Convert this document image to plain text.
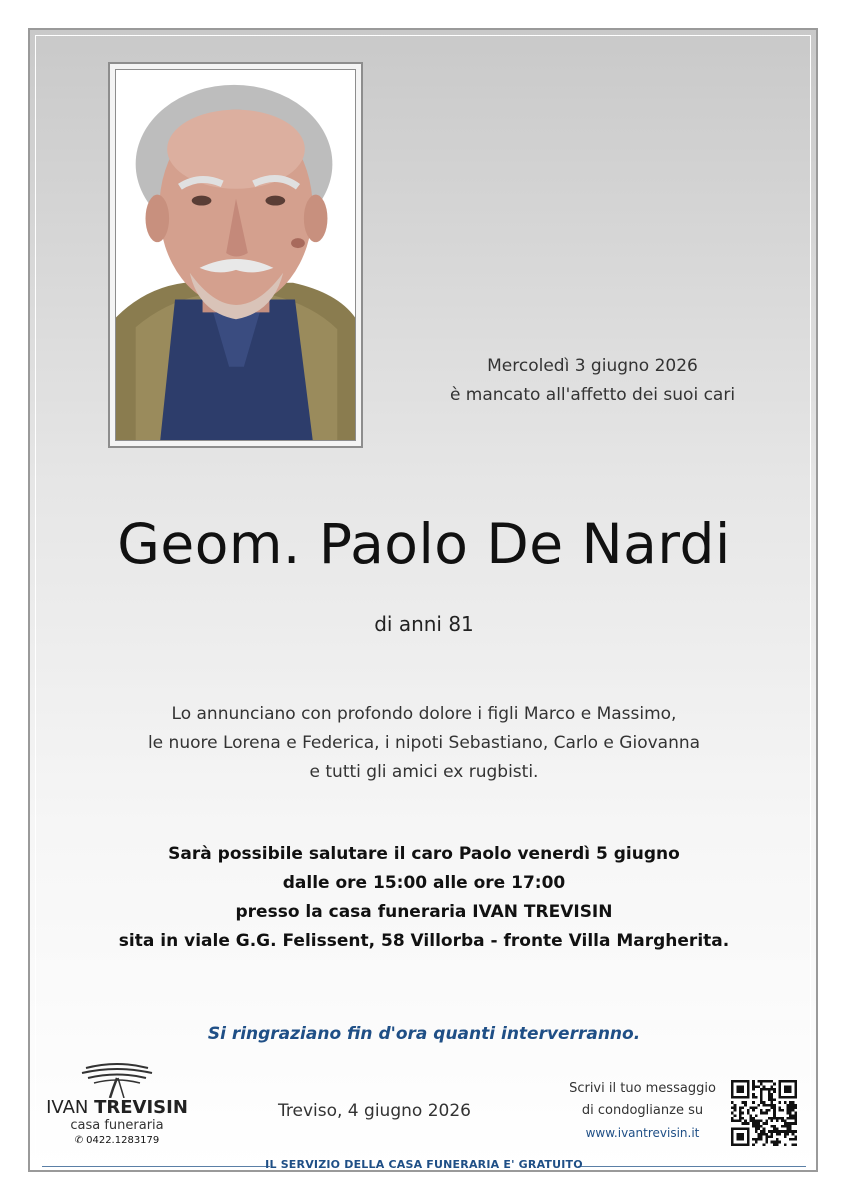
Mercoledì 3 giugno 2026
è mancato all'affetto dei suoi cari
Geom. Paolo De Nardi
di anni 81
Lo annunciano con profondo dolore i figli Marco e Massimo,
le nuore Lorena e Federica, i nipoti Sebastiano, Carlo e Giovanna
e tutti gli amici ex rugbisti.
Sarà possibile salutare il caro Paolo venerdì 5 giugno
dalle ore 15:00 alle ore 17:00
presso la casa funeraria IVAN TREVISIN
sita in viale G.G. Felissent, 58 Villorba - fronte Villa Margherita.
Si ringraziano fin d'ora quanti interverranno.
IVAN TREVISIN
casa funeraria
✆ 0422.1283179
Treviso, 4 giugno 2026
Scrivi il tuo messaggio
di condoglianze su
www.ivantrevisin.it
IL SERVIZIO DELLA CASA FUNERARIA E' GRATUITO
